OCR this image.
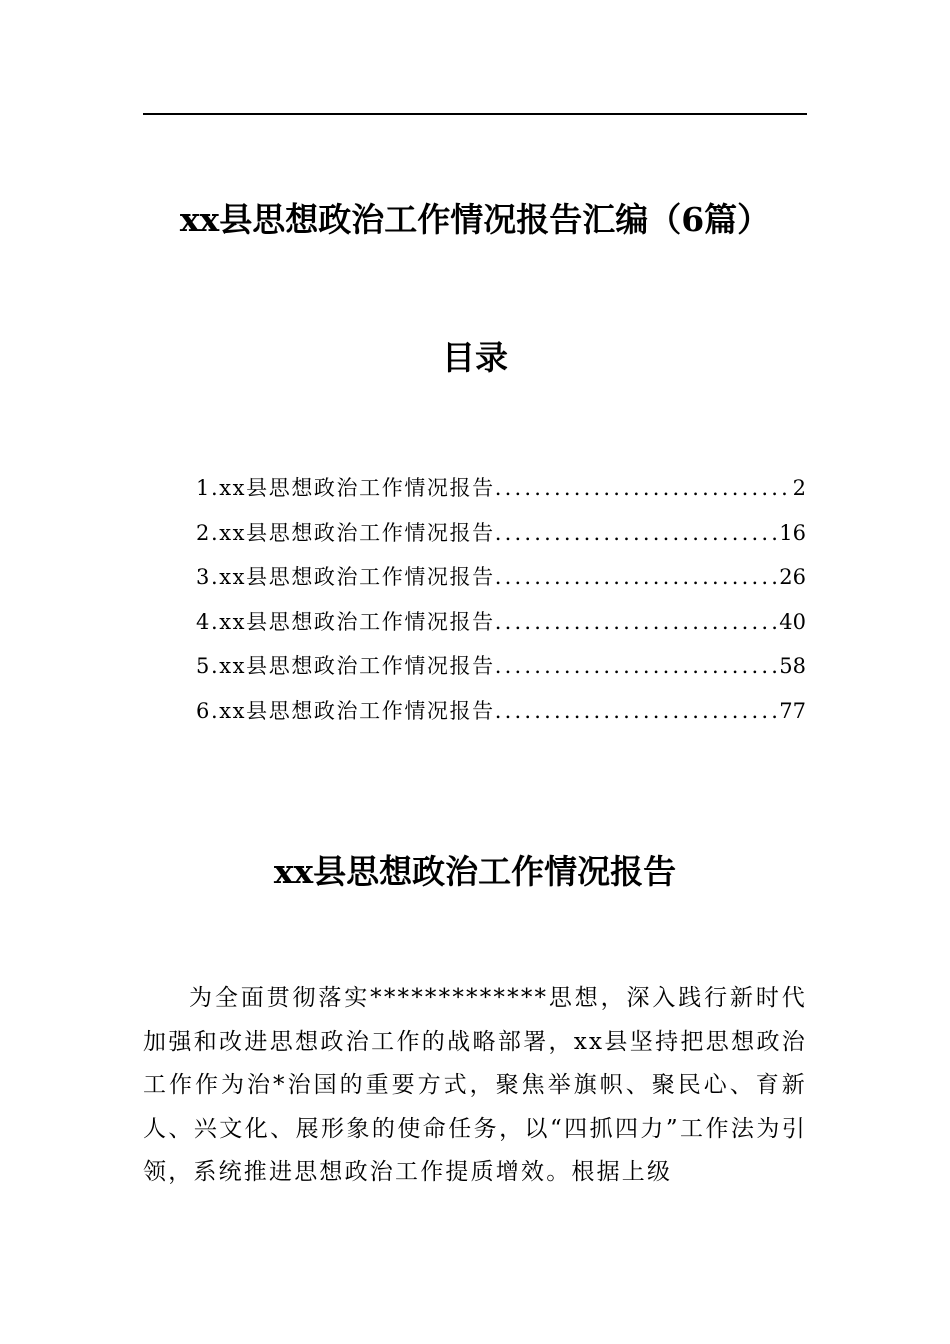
xx县思想政治工作情况报告汇编（6篇）
目录
1.xx县思想政治工作情况报告 .....	2
2.xx县思想政治工作情况报告 .....	16
3.xx县思想政治工作情况报告 .....	26
4.xx县思想政治工作情况报告 .....	40
5.xx县思想政治工作情况报告 .....	58
6.xx县思想政治工作情况报告 .....	77
xx县思想政治工作情况报告

为全面贯彻落实*************思想，深入践行新时代加强和改进思想政治工作的战略部署，xx县坚持把思想政治工作作为治*治国的重要方式，聚焦举旗帜、聚民心、育新人、兴文化、展形象的使命任务，以“四抓四力”工作法为引领，系统推进思想政治工作提质增效。根据上级
